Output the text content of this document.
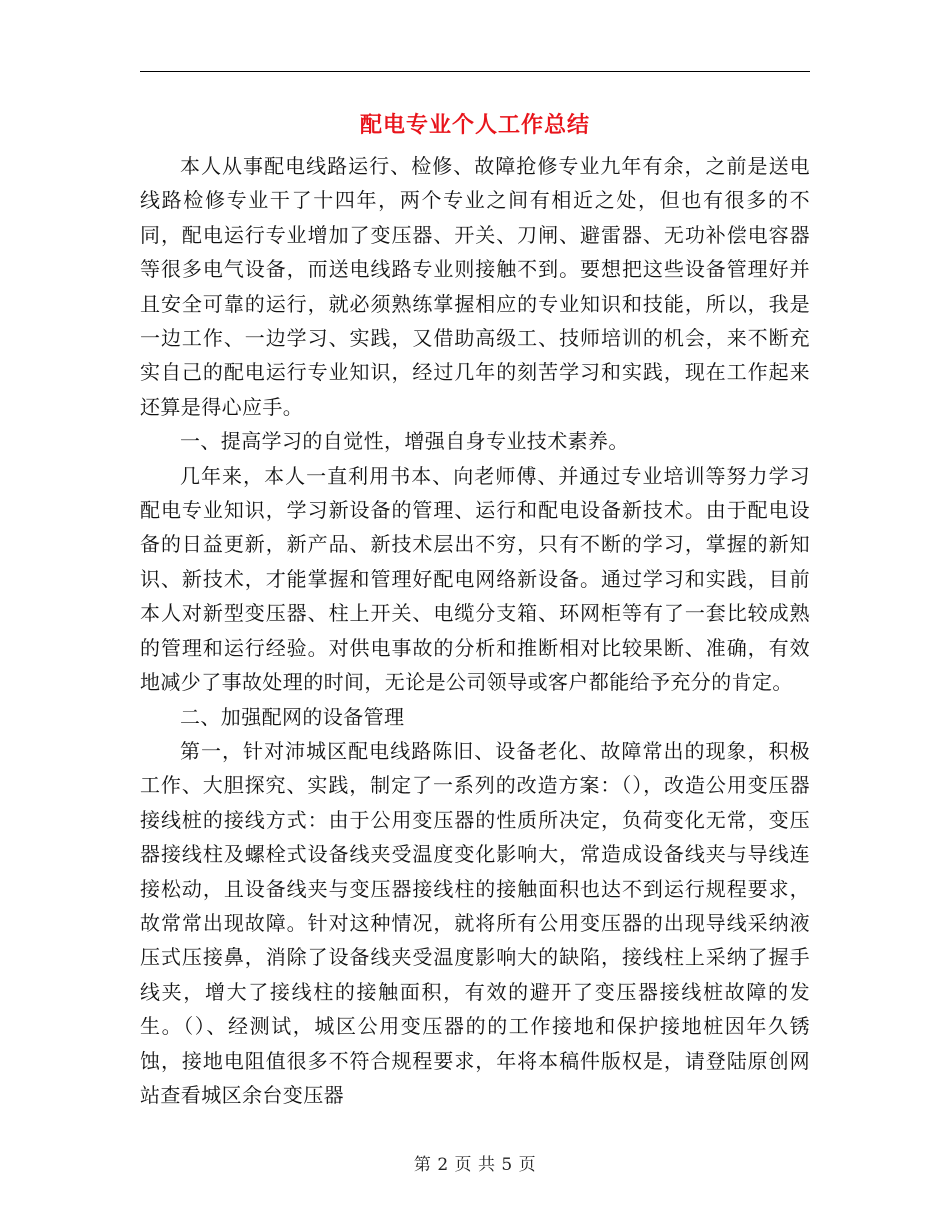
配电专业个人工作总结

本人从事配电线路运行、检修、故障抢修专业九年有余，之前是送电线路检修专业干了十四年，两个专业之间有相近之处，但也有很多的不同，配电运行专业增加了变压器、开关、刀闸、避雷器、无功补偿电容器等很多电气设备，而送电线路专业则接触不到。要想把这些设备管理好并且安全可靠的运行，就必须熟练掌握相应的专业知识和技能，所以，我是一边工作、一边学习、实践，又借助高级工、技师培训的机会，来不断充实自己的配电运行专业知识，经过几年的刻苦学习和实践，现在工作起来还算是得心应手。

一、提高学习的自觉性，增强自身专业技术素养。

几年来，本人一直利用书本、向老师傅、并通过专业培训等努力学习配电专业知识，学习新设备的管理、运行和配电设备新技术。由于配电设备的日益更新，新产品、新技术层出不穷，只有不断的学习，掌握的新知识、新技术，才能掌握和管理好配电网络新设备。通过学习和实践，目前本人对新型变压器、柱上开关、电缆分支箱、环网柜等有了一套比较成熟的管理和运行经验。对供电事故的分析和推断相对比较果断、准确，有效地减少了事故处理的时间，无论是公司领导或客户都能给予充分的肯定。

二、加强配网的设备管理

第一，针对沛城区配电线路陈旧、设备老化、故障常出的现象，积极工作、大胆探究、实践，制定了一系列的改造方案：（），改造公用变压器接线桩的接线方式：由于公用变压器的性质所决定，负荷变化无常，变压器接线柱及螺栓式设备线夹受温度变化影响大，常造成设备线夹与导线连接松动，且设备线夹与变压器接线柱的接触面积也达不到运行规程要求，故常常出现故障。针对这种情况，就将所有公用变压器的出现导线采纳液压式压接鼻，消除了设备线夹受温度影响大的缺陷，接线柱上采纳了握手线夹，增大了接线柱的接触面积，有效的避开了变压器接线桩故障的发生。（）、经测试，城区公用变压器的的工作接地和保护接地桩因年久锈蚀，接地电阻值很多不符合规程要求，年将本稿件版权是，请登陆原创网站查看城区余台变压器

第 2 页 共 5 页
